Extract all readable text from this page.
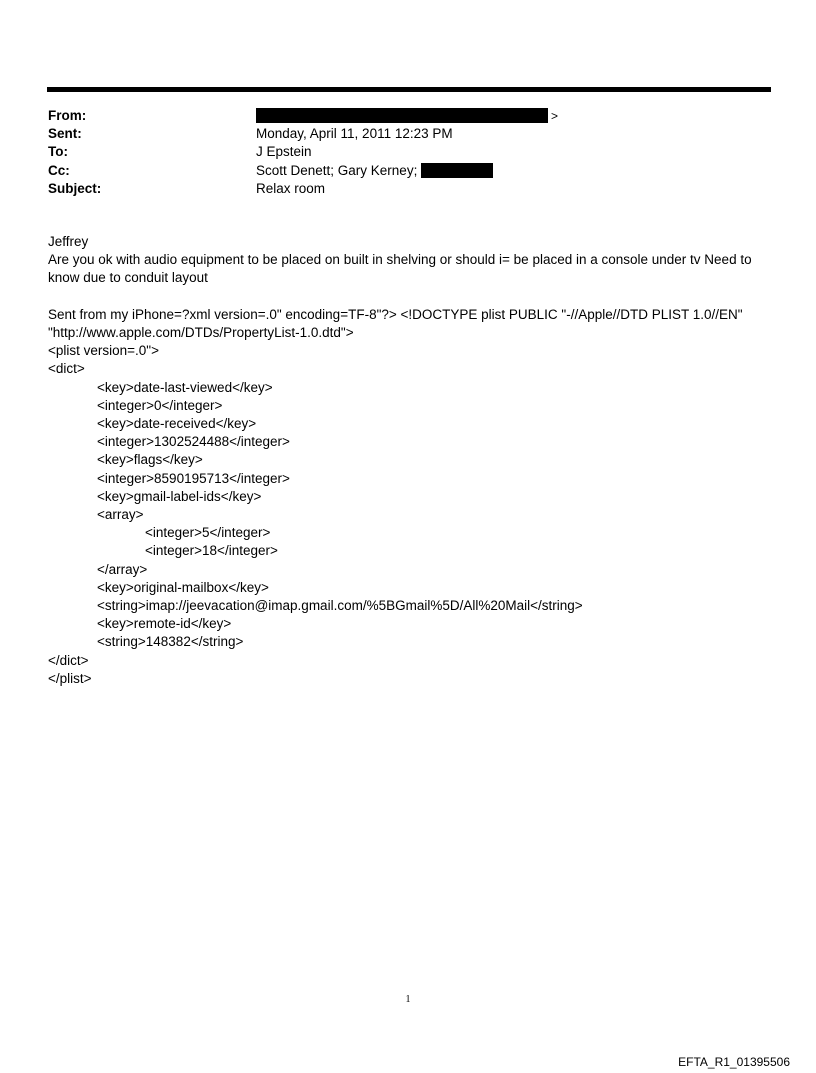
From:	>
Sent:	Monday, April 11, 2011 12:23 PM
To:	J Epstein
Cc:	Scott Denett; Gary Kerney;
Subject:	Relax room
Jeffrey
Are you ok with audio equipment to be placed on built in shelving or should i= be placed in a console under tv Need to
know due to conduit layout
Sent from my iPhone=?xml version=.0" encoding=TF-8"?> <!DOCTYPE plist PUBLIC "-//Apple//DTD PLIST 1.0//EN"
"http://www.apple.com/DTDs/PropertyList-1.0.dtd">
<plist version=.0">
<dict>
<key>date-last-viewed</key>
<integer>0</integer>
<key>date-received</key>
<integer>1302524488</integer>
<key>flags</key>
<integer>8590195713</integer>
<key>gmail-label-ids</key>
<array>
<integer>5</integer>
<integer>18</integer>
</array>
<key>original-mailbox</key>
<string>imap://jeevacation@imap.gmail.com/%5BGmail%5D/All%20Mail</string>
<key>remote-id</key>
<string>148382</string>
</dict>
</plist>
1
EFTA_R1_01395506
